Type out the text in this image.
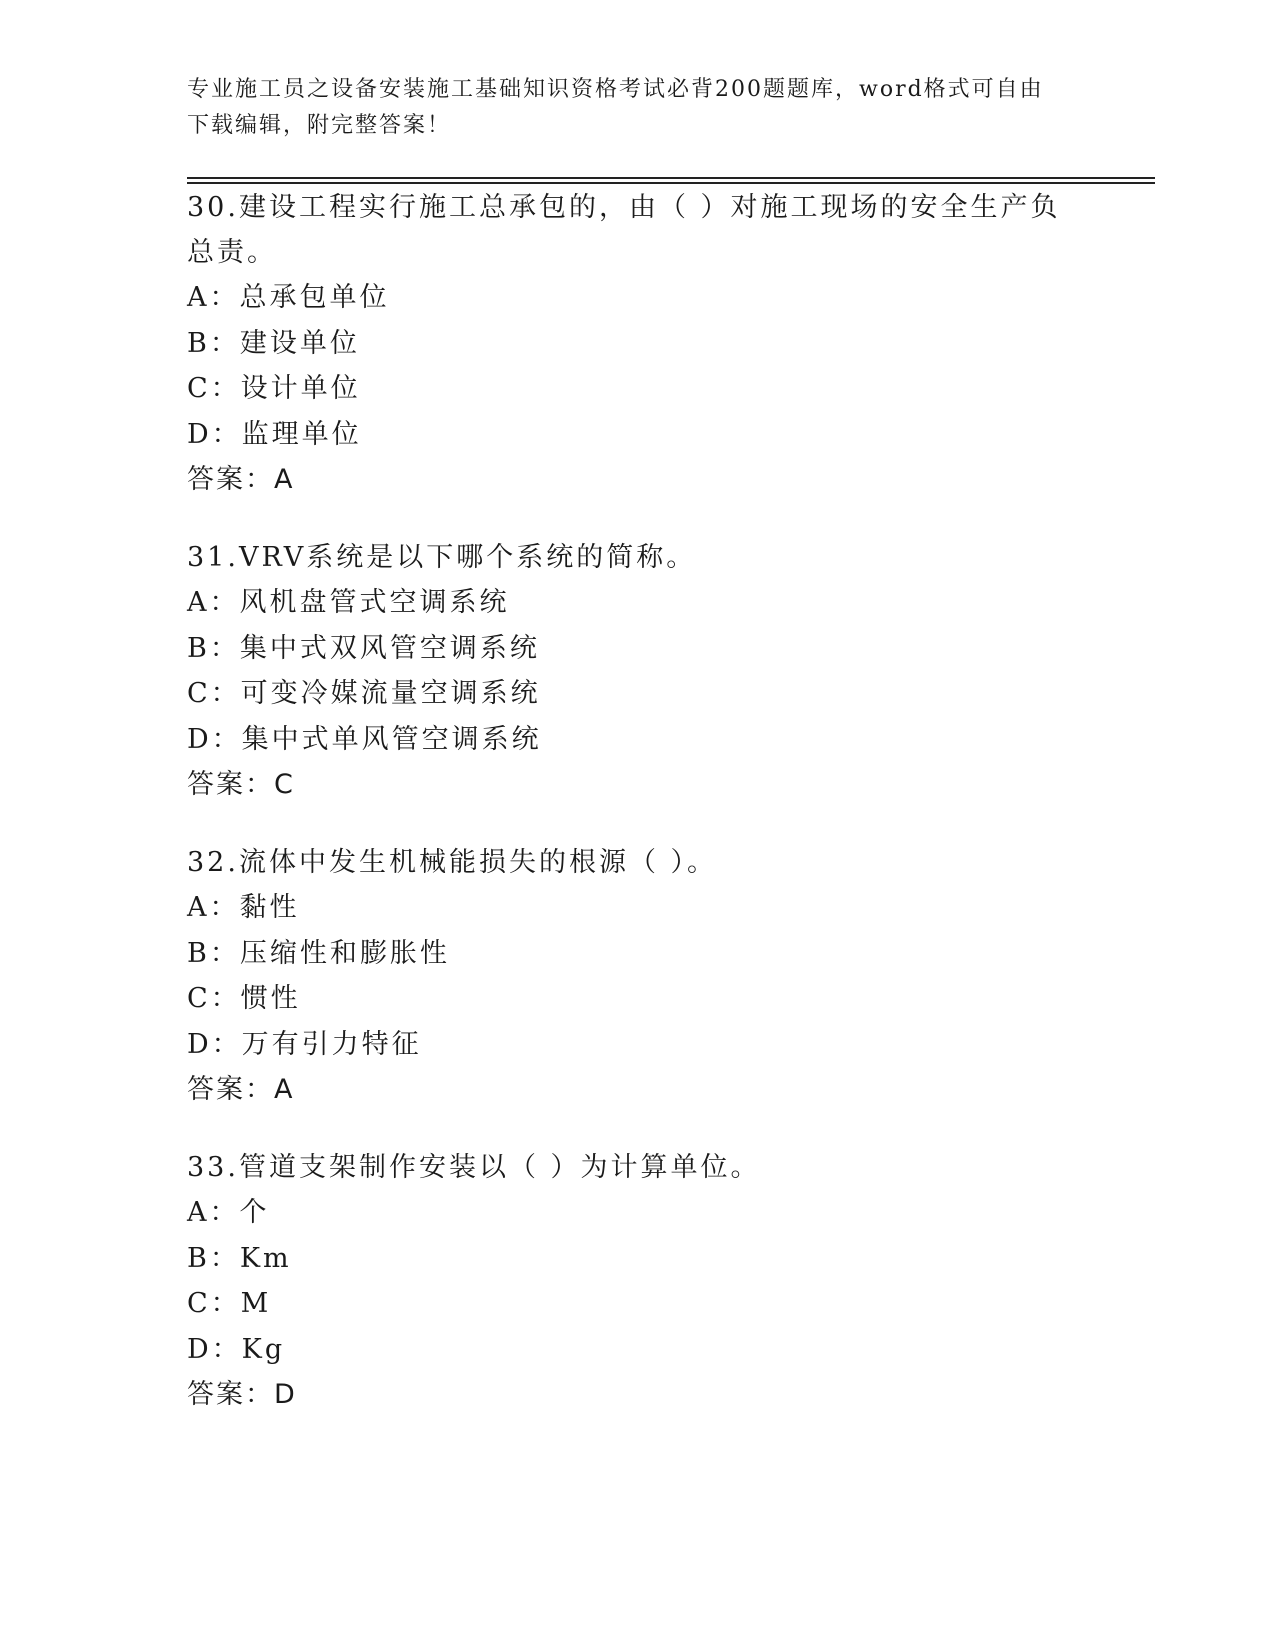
专业施工员之设备安装施工基础知识资格考试必背200题题库，word格式可自由下载编辑，附完整答案！

30.建设工程实行施工总承包的，由（ ）对施工现场的安全生产负总责。

A：总承包单位

B：建设单位

C：设计单位

D：监理单位

答案：A

31.VRV系统是以下哪个系统的简称。

A：风机盘管式空调系统

B：集中式双风管空调系统

C：可变冷媒流量空调系统

D：集中式单风管空调系统

答案：C

32.流体中发生机械能损失的根源（ ）。

A：黏性

B：压缩性和膨胀性

C：惯性

D：万有引力特征

答案：A

33.管道支架制作安装以（ ）为计算单位。

A：个

B：Km

C：M

D：Kg

答案：D
